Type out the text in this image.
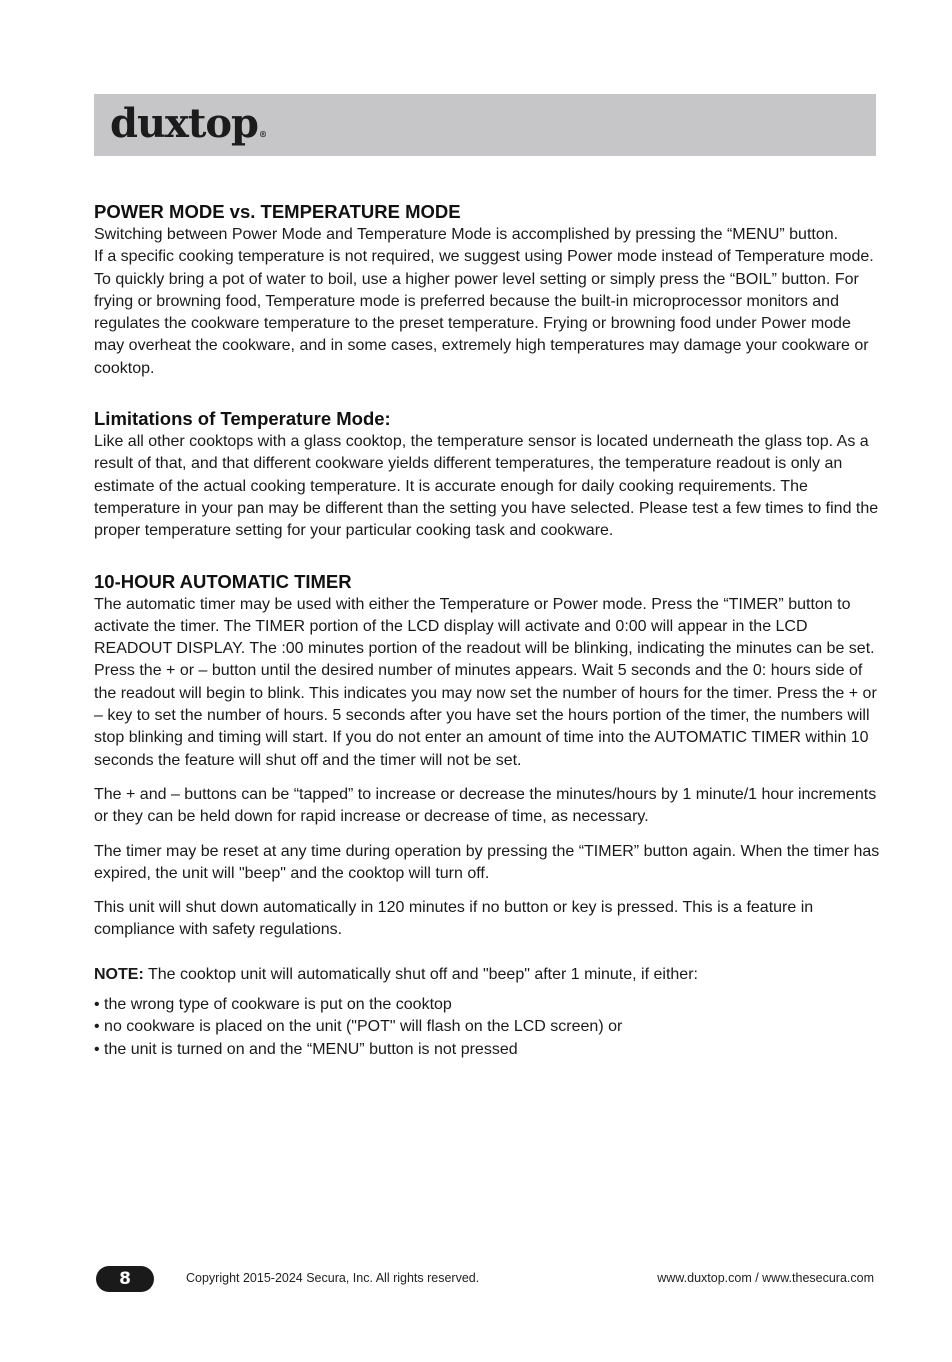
duxtop®
POWER MODE vs. TEMPERATURE MODE

Switching between Power Mode and Temperature Mode is accomplished by pressing the “MENU” button.

If a specific cooking temperature is not required, we suggest using Power mode instead of Temperature mode. To quickly bring a pot of water to boil, use a higher power level setting or simply press the “BOIL” button. For frying or browning food, Temperature mode is preferred because the built-in microprocessor monitors and regulates the cookware temperature to the preset temperature. Frying or browning food under Power mode may overheat the cookware, and in some cases, extremely high temperatures may damage your cookware or cooktop.

Limitations of Temperature Mode:

Like all other cooktops with a glass cooktop, the temperature sensor is located underneath the glass top. As a result of that, and that different cookware yields different temperatures, the temperature readout is only an estimate of the actual cooking temperature. It is accurate enough for daily cooking requirements. The temperature in your pan may be different than the setting you have selected. Please test a few times to find the proper temperature setting for your particular cooking task and cookware.

10-HOUR AUTOMATIC TIMER

The automatic timer may be used with either the Temperature or Power mode. Press the “TIMER” button to activate the timer. The TIMER portion of the LCD display will activate and 0:00 will appear in the LCD READOUT DISPLAY. The :00 minutes portion of the readout will be blinking, indicating the minutes can be set. Press the + or – button until the desired number of minutes appears. Wait 5 seconds and the 0: hours side of the readout will begin to blink. This indicates you may now set the number of hours for the timer. Press the + or – key to set the number of hours. 5 seconds after you have set the hours portion of the timer, the numbers will stop blinking and timing will start. If you do not enter an amount of time into the AUTOMATIC TIMER within 10 seconds the feature will shut off and the timer will not be set.

The + and – buttons can be “tapped” to increase or decrease the minutes/hours by 1 minute/1 hour increments or they can be held down for rapid increase or decrease of time, as necessary.

The timer may be reset at any time during operation by pressing the “TIMER” button again. When the timer has expired, the unit will "beep" and the cooktop will turn off.

This unit will shut down automatically in 120 minutes if no button or key is pressed. This is a feature in compliance with safety regulations.

NOTE: The cooktop unit will automatically shut off and "beep" after 1 minute, if either:

• the wrong type of cookware is put on the cooktop
• no cookware is placed on the unit ("POT" will flash on the LCD screen) or
• the unit is turned on and the “MENU” button is not pressed
8	Copyright 2015-2024 Secura, Inc. All rights reserved.	www.duxtop.com / www.thesecura.com
